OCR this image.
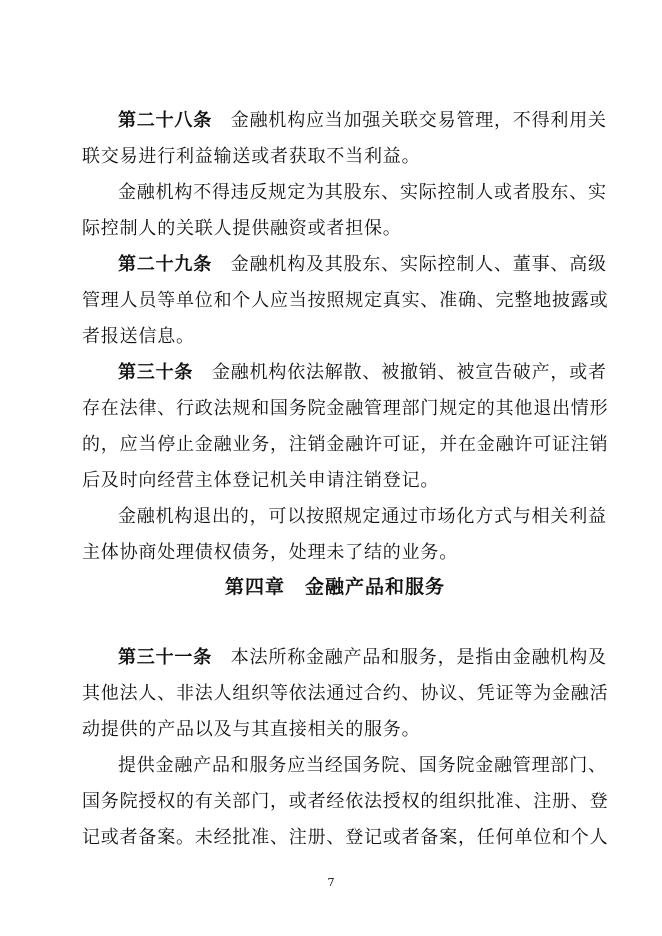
第二十八条　金融机构应当加强关联交易管理，不得利用关
联交易进行利益输送或者获取不当利益。
金融机构不得违反规定为其股东、实际控制人或者股东、实
际控制人的关联人提供融资或者担保。
第二十九条　金融机构及其股东、实际控制人、董事、高级
管理人员等单位和个人应当按照规定真实、准确、完整地披露或
者报送信息。
第三十条　金融机构依法解散、被撤销、被宣告破产，或者
存在法律、行政法规和国务院金融管理部门规定的其他退出情形
的，应当停止金融业务，注销金融许可证，并在金融许可证注销
后及时向经营主体登记机关申请注销登记。
金融机构退出的，可以按照规定通过市场化方式与相关利益
主体协商处理债权债务，处理未了结的业务。
第四章　金融产品和服务
第三十一条　本法所称金融产品和服务，是指由金融机构及
其他法人、非法人组织等依法通过合约、协议、凭证等为金融活
动提供的产品以及与其直接相关的服务。
提供金融产品和服务应当经国务院、国务院金融管理部门、
国务院授权的有关部门，或者经依法授权的组织批准、注册、登
记或者备案。未经批准、注册、登记或者备案，任何单位和个人
7
